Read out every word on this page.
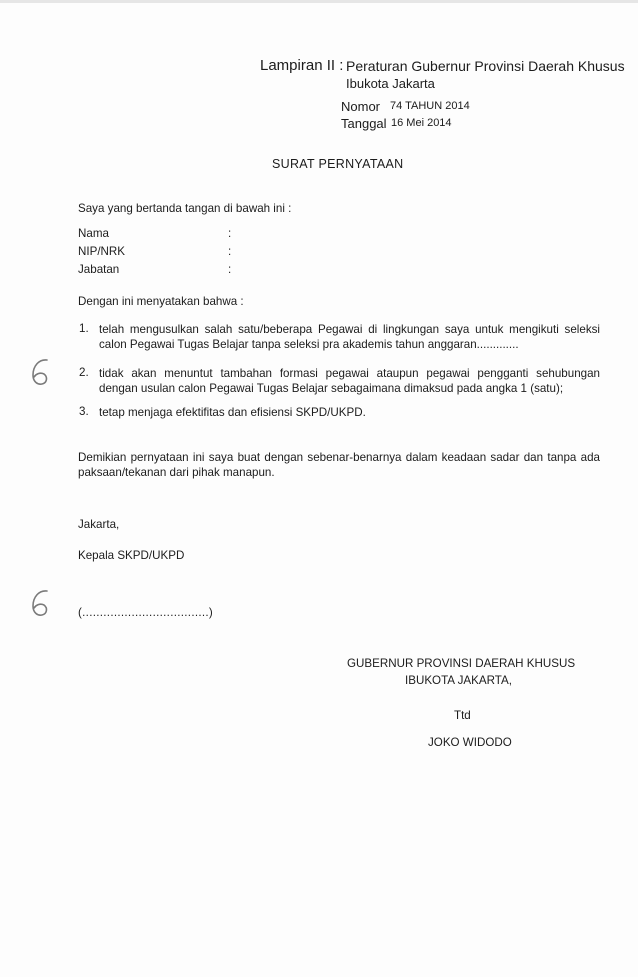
Lampiran II : Peraturan Gubernur Provinsi Daerah Khusus
Ibukota Jakarta
Nomor 74 TAHUN 2014
Tanggal 16 Mei 2014
SURAT PERNYATAAN
Saya yang bertanda tangan di bawah ini :
Nama	:
NIP/NRK	:
Jabatan	:
Dengan ini menyatakan bahwa :
1. telah mengusulkan salah satu/beberapa Pegawai di lingkungan saya untuk mengikuti seleksi calon Pegawai Tugas Belajar tanpa seleksi pra akademis tahun anggaran.............
2. tidak akan menuntut tambahan formasi pegawai ataupun pegawai pengganti sehubungan dengan usulan calon Pegawai Tugas Belajar sebagaimana dimaksud pada angka 1 (satu);
3. tetap menjaga efektifitas dan efisiensi SKPD/UKPD.
Demikian pernyataan ini saya buat dengan sebenar-benarnya dalam keadaan sadar dan tanpa ada paksaan/tekanan dari pihak manapun.
Jakarta,
Kepala SKPD/UKPD
(....................................)
GUBERNUR PROVINSI DAERAH KHUSUS
IBUKOTA JAKARTA,
Ttd
JOKO WIDODO
